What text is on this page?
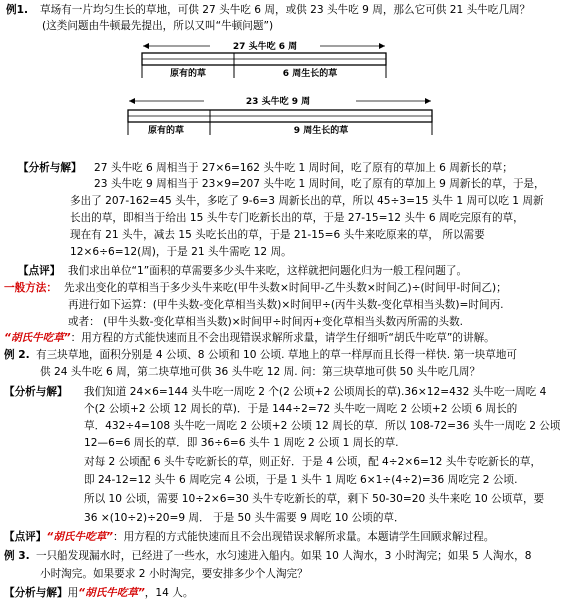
例1. 草场有一片均匀生长的草地，可供 27 头牛吃 6 周，或供 23 头牛吃 9 周，那么它可供 21 头牛吃几周？
(这类问题由牛顿最先提出，所以又叫“牛顿问题”)
27 头牛吃 6 周
原有的草	6 周生长的草
23 头牛吃 9 周
原有的草	9 周生长的草
【分析与解】 27 头牛吃 6 周相当于 27×6=162 头牛吃 1 周时间，吃了原有的草加上 6 周新长的草；
23 头牛吃 9 周相当于 23×9=207 头牛吃 1 周时间，吃了原有的草加上 9 周新长的草，于是，
多出了 207-162=45 头牛，多吃了 9-6=3 周新长出的草，所以 45÷3=15 头牛 1 周可以吃 1 周新
长出的草，即相当于给出 15 头牛专门吃新长出的草，于是 27-15=12 头牛 6 周吃完原有的草，
现在有 21 头牛，减去 15 头吃长出的草，于是 21-15=6 头牛来吃原来的草， 所以需要
12×6÷6=12(周)，于是 21 头牛需吃 12 周。
【点评】 我们求出单位“1”面积的草需要多少头牛来吃，这样就把问题化归为一般工程问题了。
一般方法： 先求出变化的草相当于多少头牛来吃(甲牛头数×时间甲-乙牛头数×时间乙)÷(时间甲-时间乙)；
再进行如下运算：(甲牛头数-变化草相当头数)×时间甲÷(丙牛头数-变化草相当头数)=时间丙.
或者： (甲牛头数-变化草相当头数)×时间甲÷时间丙+变化草相当头数丙所需的头数.
“胡氏牛吃草”：用方程的方式能快速而且不会出现错误求解所求量，请学生仔细听“胡氏牛吃草”的讲解。
例 2. 有三块草地，面积分别是 4 公顷、8 公顷和 10 公顷. 草地上的草一样厚而且长得一样快. 第一块草地可
供 24 头牛吃 6 周，第二块草地可供 36 头牛吃 12 周. 问：第三块草地可供 50 头牛吃几周？
【分析与解】 我们知道 24×6=144 头牛吃一周吃 2 个(2 公顷+2 公顷周长的草).36×12=432 头牛吃一周吃 4
个(2 公顷+2 公顷 12 周长的草)．于是 144÷2=72 头牛吃一周吃 2 公顷+2 公顷 6 周长的
草．432÷4=108 头牛吃一周吃 2 公顷+2 公顷 12 周长的草．所以 108-72=36 头牛一周吃 2 公顷
12—6=6 周长的草．即 36÷6=6 头牛 1 周吃 2 公顷 1 周长的草.
对每 2 公顷配 6 头牛专吃新长的草，则正好．于是 4 公顷，配 4÷2×6=12 头牛专吃新长的草，
即 24-12=12 头牛 6 周吃完 4 公顷，于是 1 头牛 1 周吃 6×1÷(4÷2)=36 周吃完 2 公顷.
所以 10 公顷，需要 10÷2×6=30 头牛专吃新长的草，剩下 50-30=20 头牛来吃 10 公顷草，要
36 ×(10÷2)÷20=9 周． 于是 50 头牛需要 9 周吃 10 公顷的草．
【点评】“胡氏牛吃草”：用方程的方式能快速而且不会出现错误求解所求量。本题请学生回顾求解过程。
例 3. 一只船发现漏水时，已经进了一些水，水匀速进入船内。如果 10 人淘水，3 小时淘完；如果 5 人淘水，8
小时淘完。如果要求 2 小时淘完，要安排多少个人淘完？
【分析与解】用“胡氏牛吃草”，14 人。
